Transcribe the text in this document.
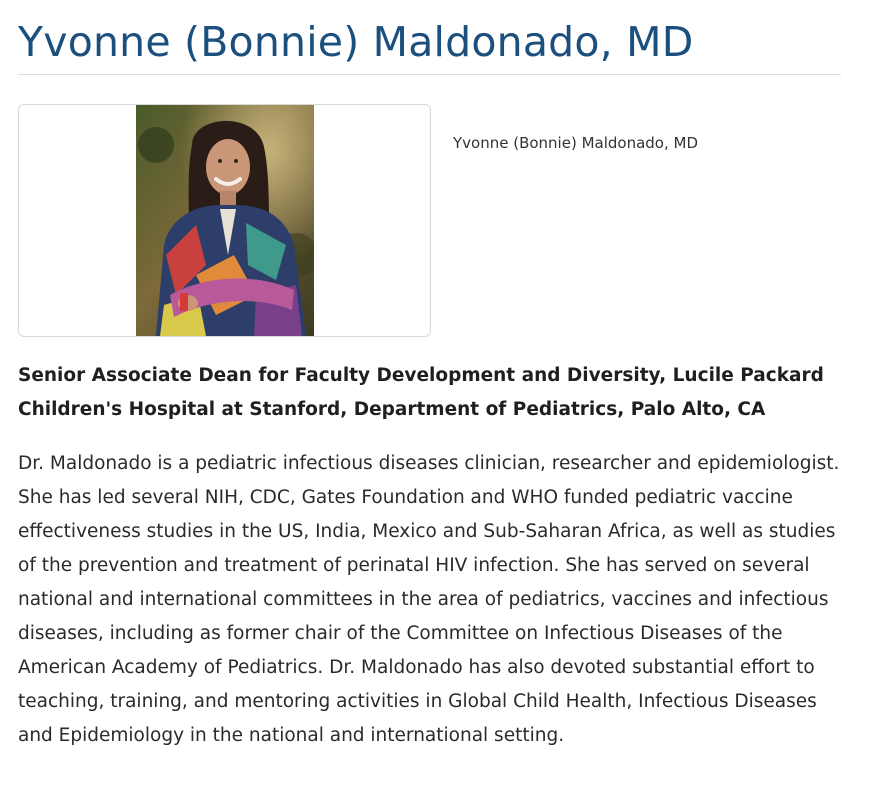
Yvonne (Bonnie) Maldonado, MD
Yvonne (Bonnie) Maldonado, MD

Senior Associate Dean for Faculty Development and Diversity, Lucile Packard Children's Hospital at Stanford, Department of Pediatrics, Palo Alto, CA

Dr. Maldonado is a pediatric infectious diseases clinician, researcher and epidemiologist. She has led several NIH, CDC, Gates Foundation and WHO funded pediatric vaccine effectiveness studies in the US, India, Mexico and Sub-Saharan Africa, as well as studies of the prevention and treatment of perinatal HIV infection. She has served on several national and international committees in the area of pediatrics, vaccines and infectious diseases, including as former chair of the Committee on Infectious Diseases of the American Academy of Pediatrics. Dr. Maldonado has also devoted substantial effort to teaching, training, and mentoring activities in Global Child Health, Infectious Diseases and Epidemiology in the national and international setting.
